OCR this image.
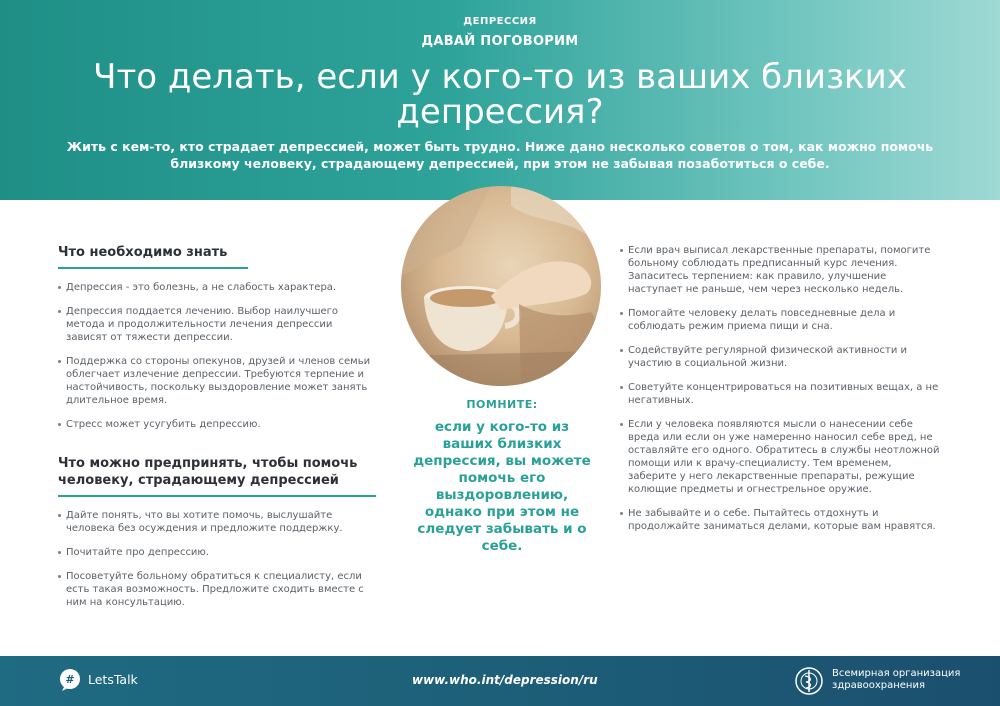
ДЕПРЕССИЯ
ДАВАЙ ПОГОВОРИМ
Что делать, если у кого-то из ваших близких депрессия?

Жить с кем-то, кто страдает депрессией, может быть трудно. Ниже дано несколько советов о том, как можно помочь близкому человеку, страдающему депрессией, при этом не забывая позаботиться о себе.

Что необходимо знать
Депрессия - это болезнь, а не слабость характера.
Депрессия поддается лечению. Выбор наилучшего метода и продолжительности лечения депрессии зависят от тяжести депрессии.
Поддержка со стороны опекунов, друзей и членов семьи облегчает излечение депрессии. Требуются терпение и настойчивость, поскольку выздоровление может занять длительное время.
Стресс может усугубить депрессию.
Что можно предпринять, чтобы помочь человеку, страдающему депрессией
Дайте понять, что вы хотите помочь, выслушайте человека без осуждения и предложите поддержку.
Почитайте про депрессию.
Посоветуйте больному обратиться к специалисту, если есть такая возможность. Предложите сходить вместе с ним на консультацию.
ПОМНИТЕ:
если у кого-то из ваших близких депрессия, вы можете помочь его выздоровлению, однако при этом не следует забывать и о себе.
Если врач выписал лекарственные препараты, помогите больному соблюдать предписанный курс лечения. Запаситесь терпением: как правило, улучшение наступает не раньше, чем через несколько недель.
Помогайте человеку делать повседневные дела и соблюдать режим приема пищи и сна.
Содействуйте регулярной физической активности и участию в социальной жизни.
Советуйте концентрироваться на позитивных вещах, а не негативных.
Если у человека появляются мысли о нанесении себе вреда или если он уже намеренно наносил себе вред, не оставляйте его одного. Обратитесь в службы неотложной помощи или к врачу-специалисту. Тем временем, заберите у него лекарственные препараты, режущие колющие предметы и огнестрельное оружие.
Не забывайте и о себе. Пытайтесь отдохнуть и продолжайте заниматься делами, которые вам нравятся.
# LetsTalk	www.who.int/depression/ru	Всемирная организация здравоохранения
